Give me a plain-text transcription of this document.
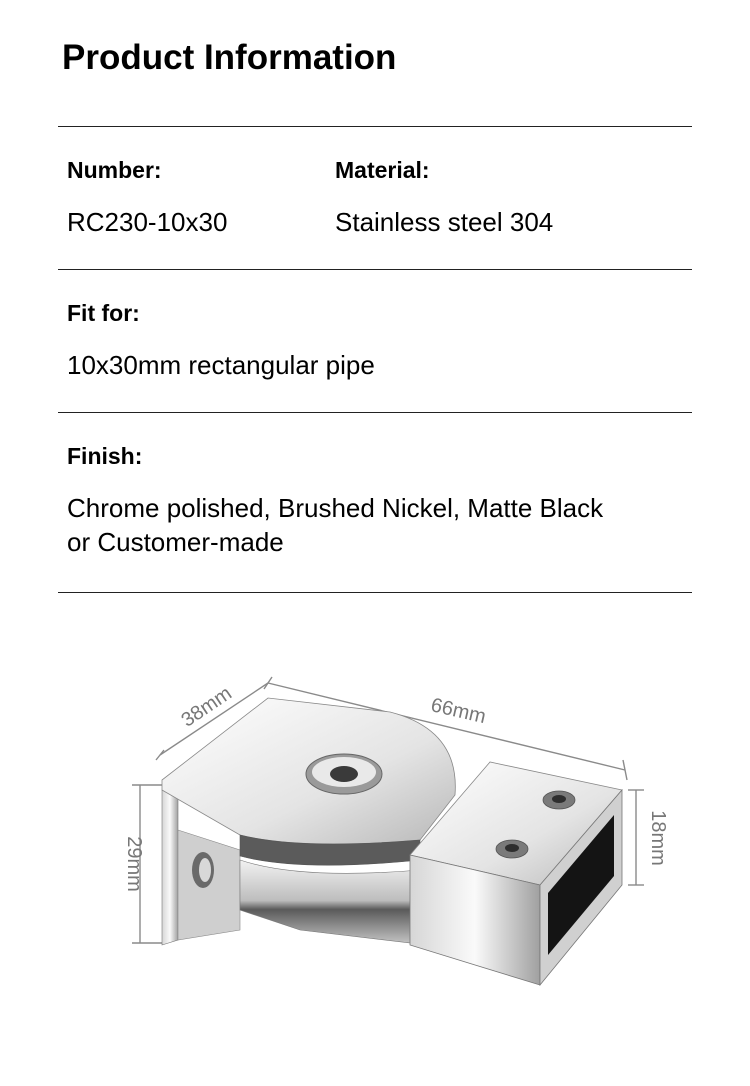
Product Information
Number:	Material:
RC230-10x30	Stainless steel 304
Fit for:
10x30mm rectangular pipe
Finish:
Chrome polished, Brushed Nickel, Matte Black
or Customer-made
38mm	66mm
29mm	18mm
